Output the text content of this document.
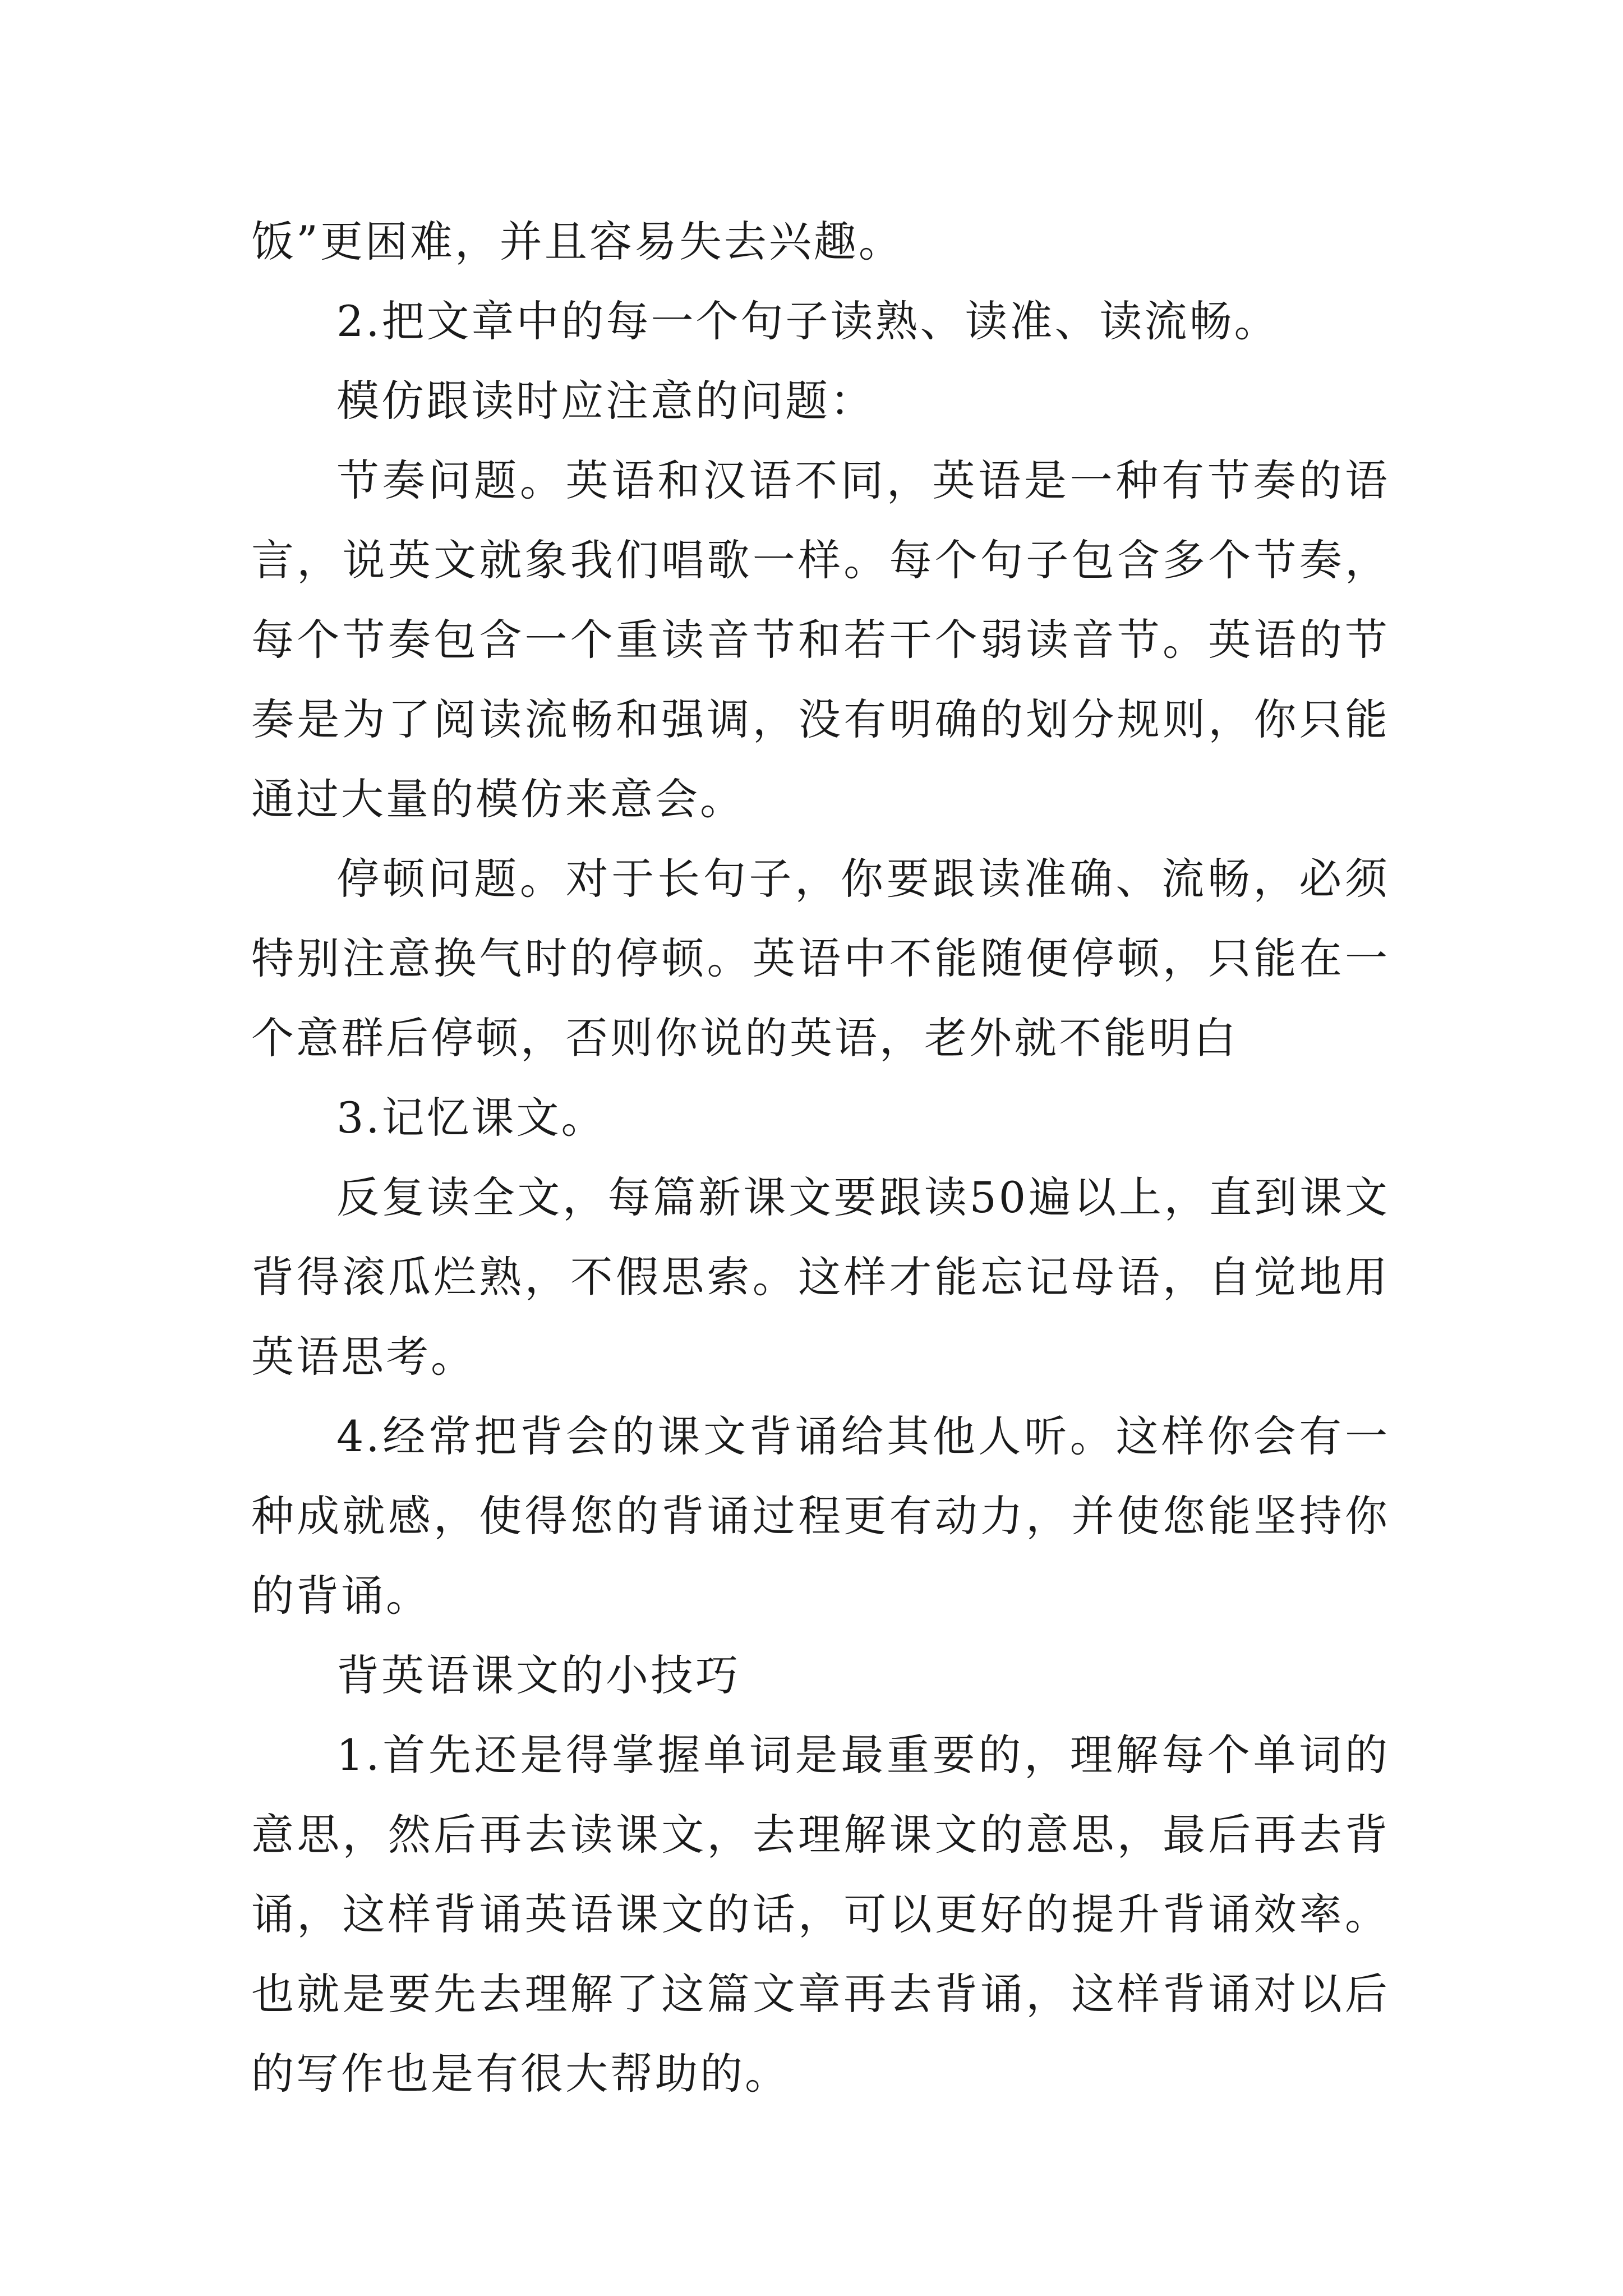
饭”更困难，并且容易失去兴趣。

2.把文章中的每一个句子读熟、读准、读流畅。

模仿跟读时应注意的问题：

节奏问题。英语和汉语不同，英语是一种有节奏的语言，说英文就象我们唱歌一样。每个句子包含多个节奏，每个节奏包含一个重读音节和若干个弱读音节。英语的节奏是为了阅读流畅和强调，没有明确的划分规则，你只能通过大量的模仿来意会。

停顿问题。对于长句子，你要跟读准确、流畅，必须特别注意换气时的停顿。英语中不能随便停顿，只能在一个意群后停顿，否则你说的英语，老外就不能明白

3.记忆课文。

反复读全文，每篇新课文要跟读50遍以上，直到课文背得滚瓜烂熟，不假思索。这样才能忘记母语，自觉地用英语思考。

4.经常把背会的课文背诵给其他人听。这样你会有一种成就感，使得您的背诵过程更有动力，并使您能坚持你的背诵。

背英语课文的小技巧

1.首先还是得掌握单词是最重要的，理解每个单词的意思，然后再去读课文，去理解课文的意思，最后再去背诵，这样背诵英语课文的话，可以更好的提升背诵效率。也就是要先去理解了这篇文章再去背诵，这样背诵对以后的写作也是有很大帮助的。
